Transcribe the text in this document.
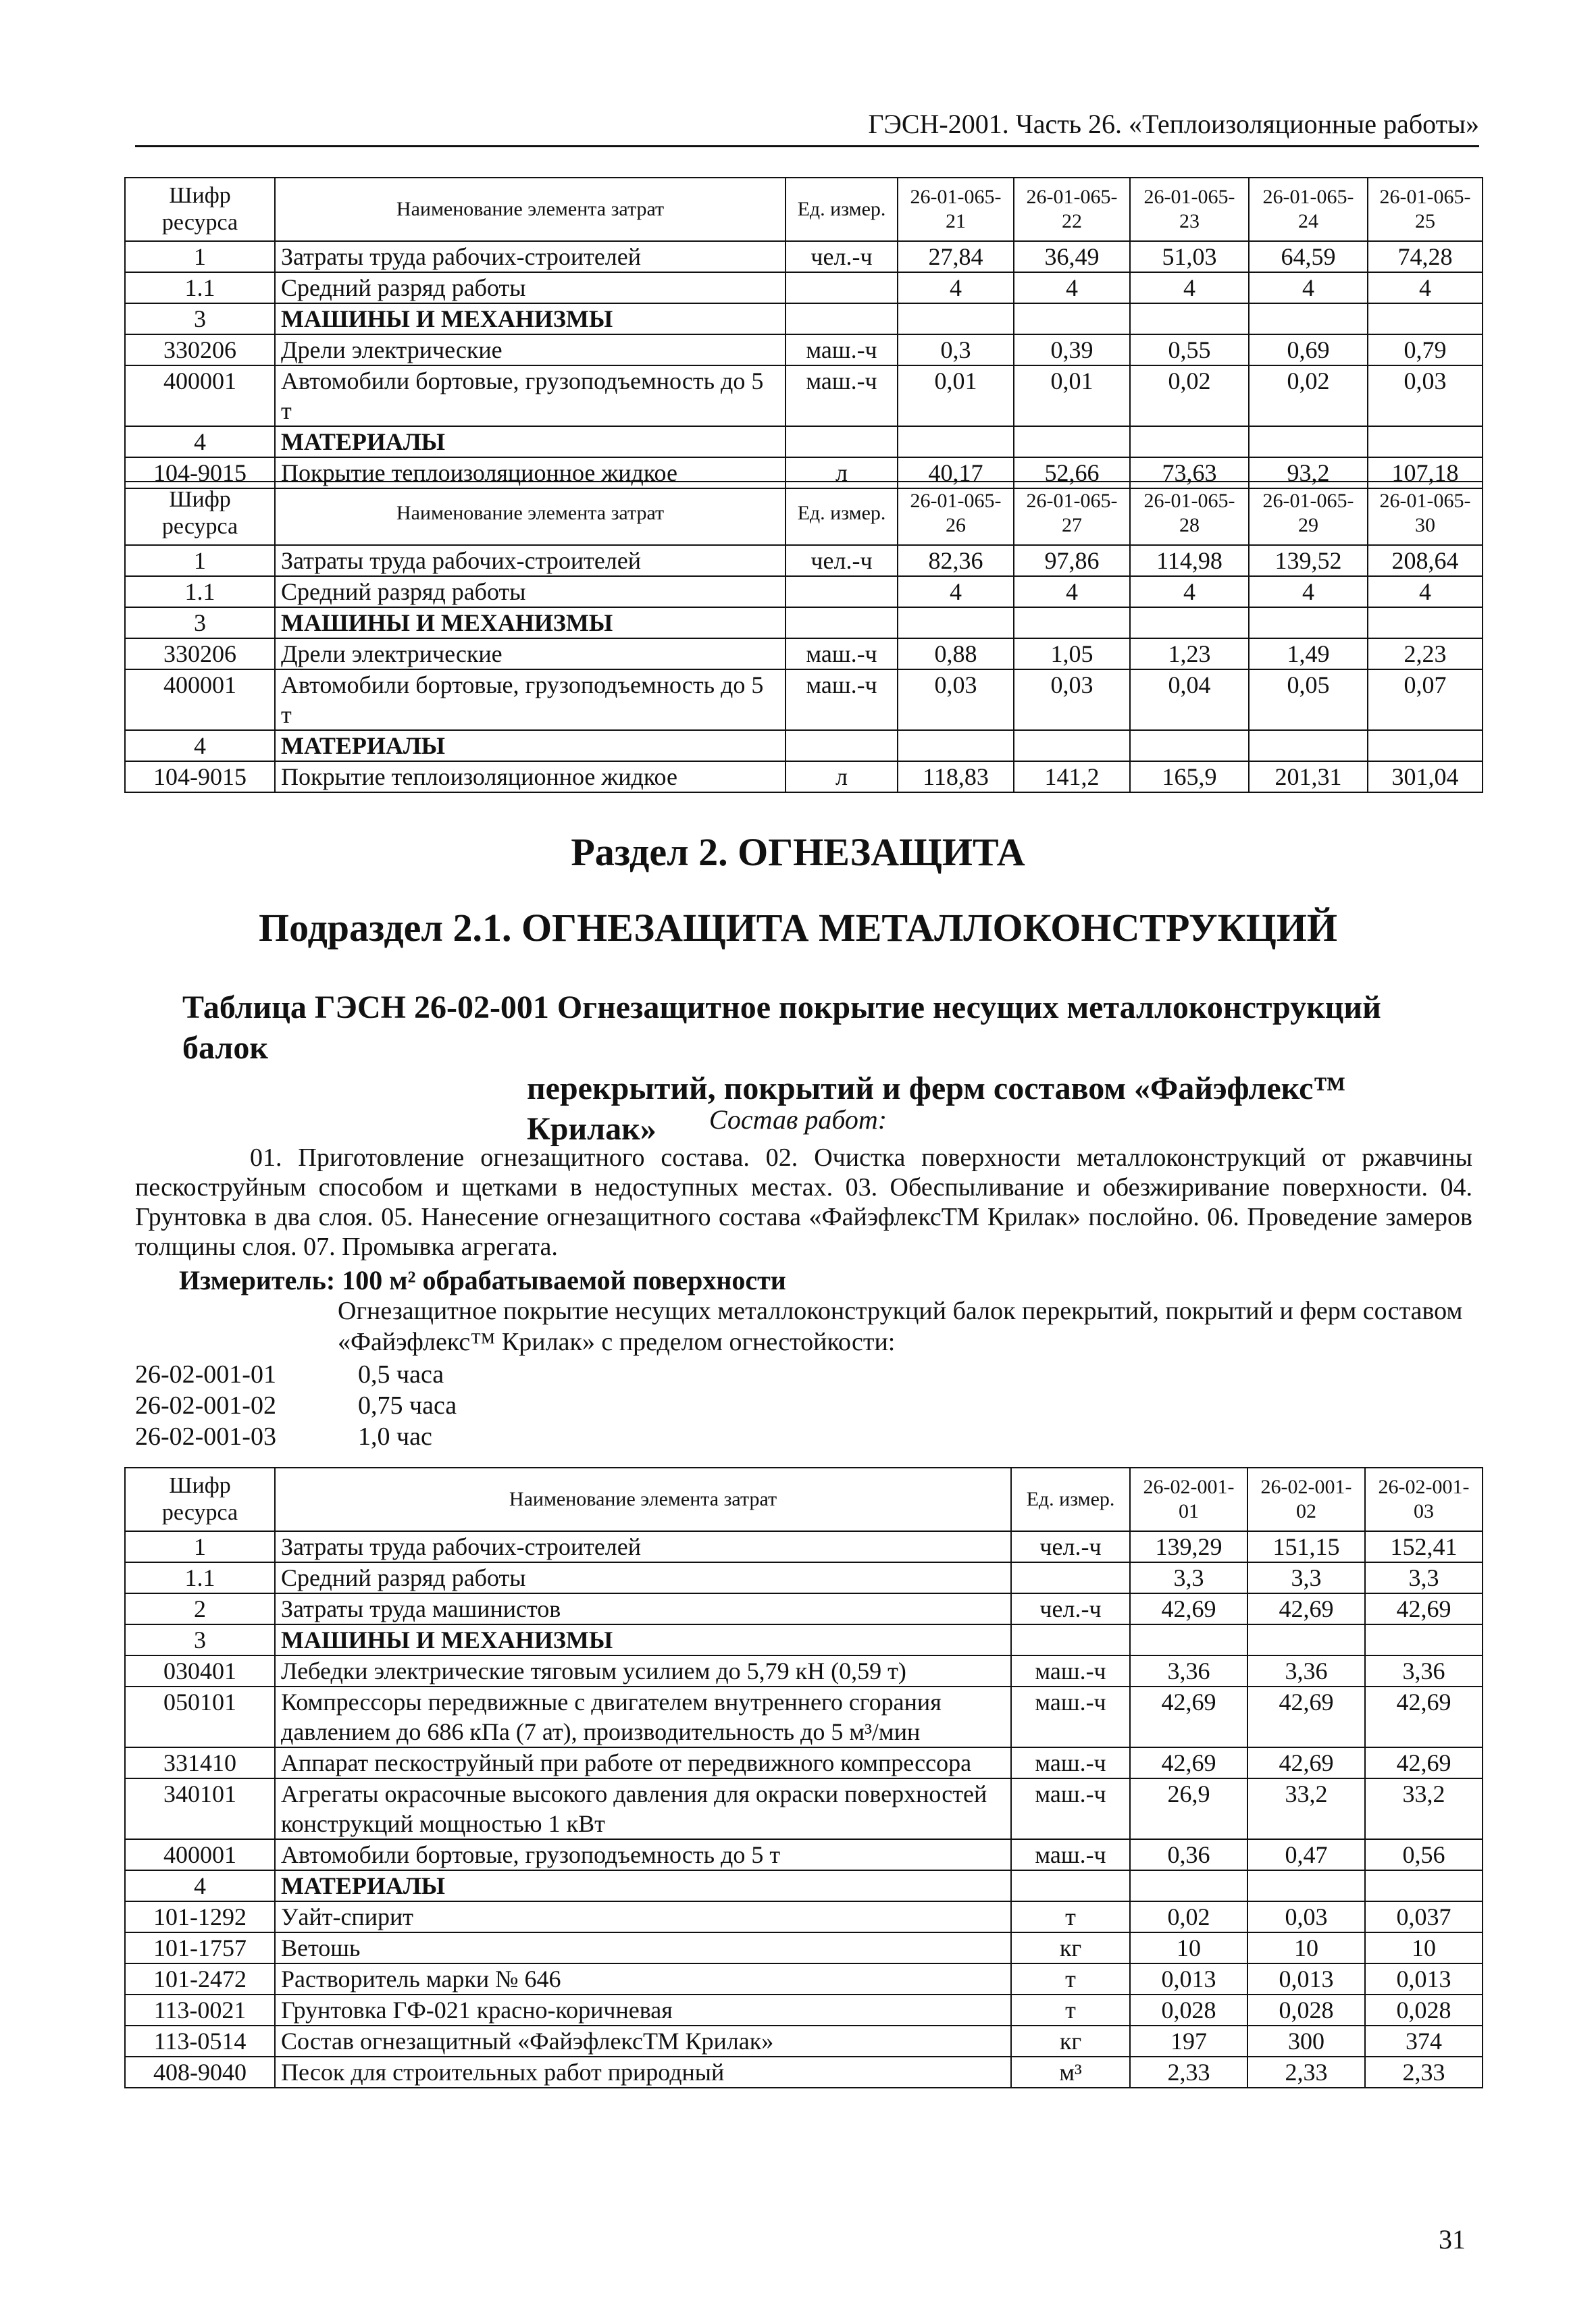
ГЭСН-2001. Часть 26. «Теплоизоляционные работы»
Шифр ресурса	Наименование элемента затрат	Ед. измер.	26-01-065-21	26-01-065-22	26-01-065-23	26-01-065-24	26-01-065-25
1	Затраты труда рабочих-строителей	чел.-ч	27,84	36,49	51,03	64,59	74,28
1.1	Средний разряд работы		4	4	4	4	4
3	МАШИНЫ И МЕХАНИЗМЫ						
330206	Дрели электрические	маш.-ч	0,3	0,39	0,55	0,69	0,79
400001	Автомобили бортовые, грузоподъемность до 5 т	маш.-ч	0,01	0,01	0,02	0,02	0,03
4	МАТЕРИАЛЫ						
104-9015	Покрытие теплоизоляционное жидкое	л	40,17	52,66	73,63	93,2	107,18
Шифр ресурса	Наименование элемента затрат	Ед. измер.	26-01-065-26	26-01-065-27	26-01-065-28	26-01-065-29	26-01-065-30
1	Затраты труда рабочих-строителей	чел.-ч	82,36	97,86	114,98	139,52	208,64
1.1	Средний разряд работы		4	4	4	4	4
3	МАШИНЫ И МЕХАНИЗМЫ						
330206	Дрели электрические	маш.-ч	0,88	1,05	1,23	1,49	2,23
400001	Автомобили бортовые, грузоподъемность до 5 т	маш.-ч	0,03	0,03	0,04	0,05	0,07
4	МАТЕРИАЛЫ						
104-9015	Покрытие теплоизоляционное жидкое	л	118,83	141,2	165,9	201,31	301,04
Раздел 2. ОГНЕЗАЩИТА
Подраздел 2.1. ОГНЕЗАЩИТА МЕТАЛЛОКОНСТРУКЦИЙ
Таблица ГЭСН 26-02-001 Огнезащитное покрытие несущих металлоконструкций балок
перекрытий, покрытий и ферм составом «Файэфлекс™
Крилак»	Состав работ:
01. Приготовление огнезащитного состава. 02. Очистка поверхности металлоконструкций от ржавчины пескоструйным способом и щетками в недоступных местах. 03. Обеспыливание и обезжиривание поверхности. 04. Грунтовка в два слоя. 05. Нанесение огнезащитного состава «ФайэфлексТМ Крилак» послойно. 06. Проведение замеров толщины слоя. 07. Промывка агрегата.
Измеритель: 100 м² обрабатываемой поверхности
Огнезащитное покрытие несущих металлоконструкций балок перекрытий, покрытий и ферм составом «Файэфлекс™ Крилак» с пределом огнестойкости:
26-02-001-01	0,5 часа
26-02-001-02	0,75 часа
26-02-001-03	1,0 час
Шифр ресурса	Наименование элемента затрат	Ед. измер.	26-02-001-01	26-02-001-02	26-02-001-03
1	Затраты труда рабочих-строителей	чел.-ч	139,29	151,15	152,41
1.1	Средний разряд работы		3,3	3,3	3,3
2	Затраты труда машинистов	чел.-ч	42,69	42,69	42,69
3	МАШИНЫ И МЕХАНИЗМЫ				
030401	Лебедки электрические тяговым усилием до 5,79 кН (0,59 т)	маш.-ч	3,36	3,36	3,36
050101	Компрессоры передвижные с двигателем внутреннего сгорания давлением до 686 кПа (7 ат), производительность до 5 м³/мин	маш.-ч	42,69	42,69	42,69
331410	Аппарат пескоструйный при работе от передвижного компрессора	маш.-ч	42,69	42,69	42,69
340101	Агрегаты окрасочные высокого давления для окраски поверхностей конструкций мощностью 1 кВт	маш.-ч	26,9	33,2	33,2
400001	Автомобили бортовые, грузоподъемность до 5 т	маш.-ч	0,36	0,47	0,56
4	МАТЕРИАЛЫ				
101-1292	Уайт-спирит	т	0,02	0,03	0,037
101-1757	Ветошь	кг	10	10	10
101-2472	Растворитель марки № 646	т	0,013	0,013	0,013
113-0021	Грунтовка ГФ-021 красно-коричневая	т	0,028	0,028	0,028
113-0514	Состав огнезащитный «ФайэфлексТМ Крилак»	кг	197	300	374
408-9040	Песок для строительных работ природный	м³	2,33	2,33	2,33
31
